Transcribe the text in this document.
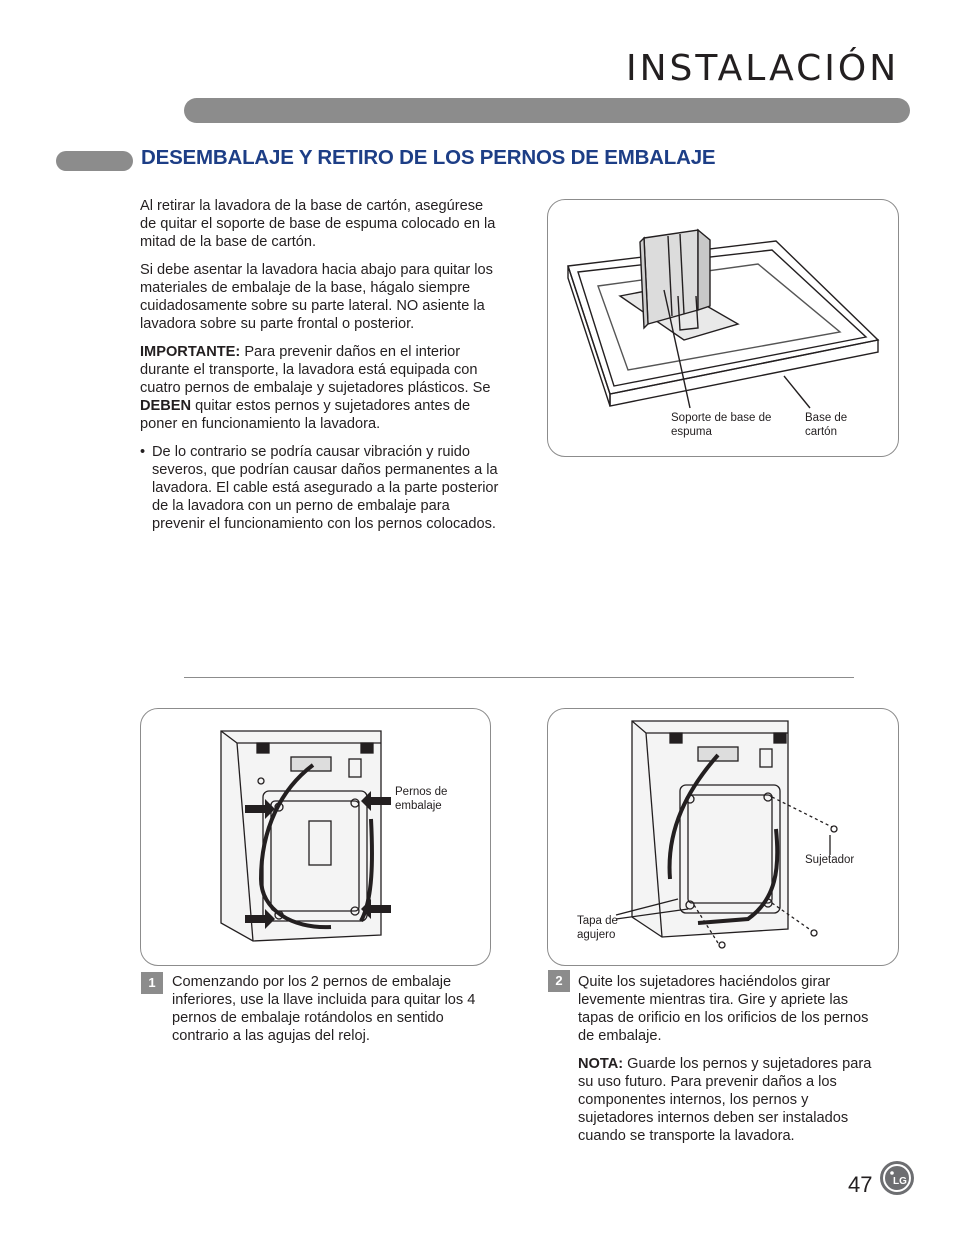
INSTALACIÓN
DESEMBALAJE Y RETIRO DE LOS PERNOS DE EMBALAJE

Al retirar la lavadora de la base de cartón, asegúrese de quitar el soporte de base de espuma colocado en la mitad de la base de cartón.

Si debe asentar la lavadora hacia abajo para quitar los materiales de embalaje de la base, hágalo siempre cuidadosamente sobre su parte lateral. NO asiente la lavadora sobre su parte frontal o posterior.

IMPORTANTE: Para prevenir daños en el interior durante el transporte, la lavadora está equipada con cuatro pernos de embalaje y sujetadores plásticos. Se DEBEN quitar estos pernos y sujetadores antes de poner en funcionamiento la lavadora.

• De lo contrario se podría causar vibración y ruido severos, que podrían causar daños permanentes a la lavadora. El cable está asegurado a la parte posterior de la lavadora con un perno de embalaje para prevenir el funcionamiento con los pernos colocados.
Soporte de base de espuma
Base de cartón
Pernos de embalaje
Sujetador
Tapa de agujero
1	Comenzando por los 2 pernos de embalaje inferiores, use la llave incluida para quitar los 4 pernos de embalaje rotándolos en sentido contrario a las agujas del reloj.
2	Quite los sujetadores haciéndolos girar levemente mientras tira. Gire y apriete las tapas de orificio en los orificios de los pernos de embalaje.

NOTA: Guarde los pernos y sujetadores para su uso futuro. Para prevenir daños a los componentes internos, los pernos y sujetadores internos deben ser instalados cuando se transporte la lavadora.

47 LG
